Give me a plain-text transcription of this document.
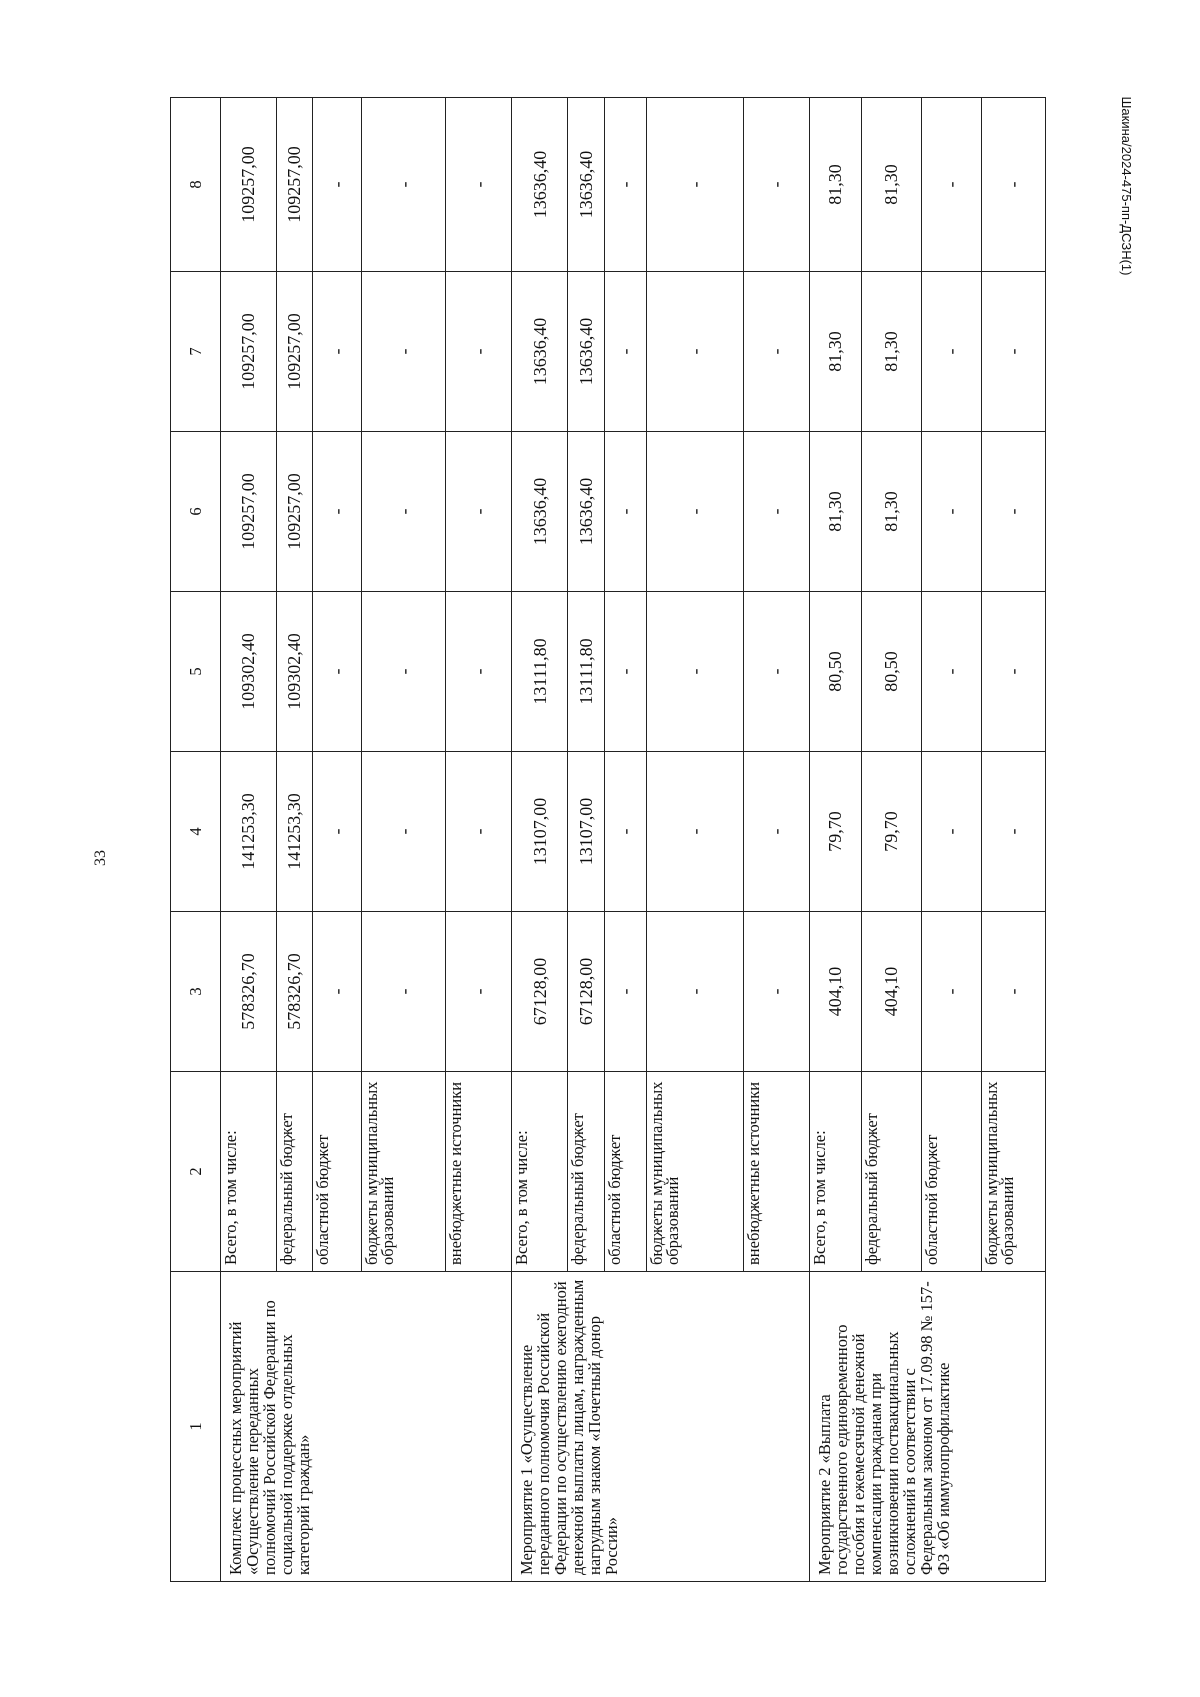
33
Шакина/2024-475-пп-ДСЗН(1)
1	2	3	4	5	6	7	8
Комплекс процессных мероприятий «Осуществление переданных полномочий Российской Федерации по социальной поддержке отдельных категорий граждан»	Всего, в том числе:	578326,70	141253,30	109302,40	109257,00	109257,00	109257,00
	федеральный бюджет	578326,70	141253,30	109302,40	109257,00	109257,00	109257,00
	областной бюджет	-	-	-	-	-	-
	бюджеты муниципальных образований	-	-	-	-	-	-
	внебюджетные источники	-	-	-	-	-	-
Мероприятие 1 «Осуществление переданного полномочия Российской Федерации по осуществлению ежегодной денежной выплаты лицам, награжденным нагрудным знаком «Почетный донор России»	Всего, в том числе:	67128,00	13107,00	13111,80	13636,40	13636,40	13636,40
	федеральный бюджет	67128,00	13107,00	13111,80	13636,40	13636,40	13636,40
	областной бюджет	-	-	-	-	-	-
	бюджеты муниципальных образований	-	-	-	-	-	-
	внебюджетные источники	-	-	-	-	-	-
Мероприятие 2 «Выплата государственного единовременного пособия и ежемесячной денежной компенсации гражданам при возникновении поствакцинальных осложнений в соответствии с Федеральным законом от 17.09.98 № 157-ФЗ «Об иммунопрофилактике	Всего, в том числе:	404,10	79,70	80,50	81,30	81,30	81,30
	федеральный бюджет	404,10	79,70	80,50	81,30	81,30	81,30
	областной бюджет	-	-	-	-	-	-
	бюджеты муниципальных образований	-	-	-	-	-	-
